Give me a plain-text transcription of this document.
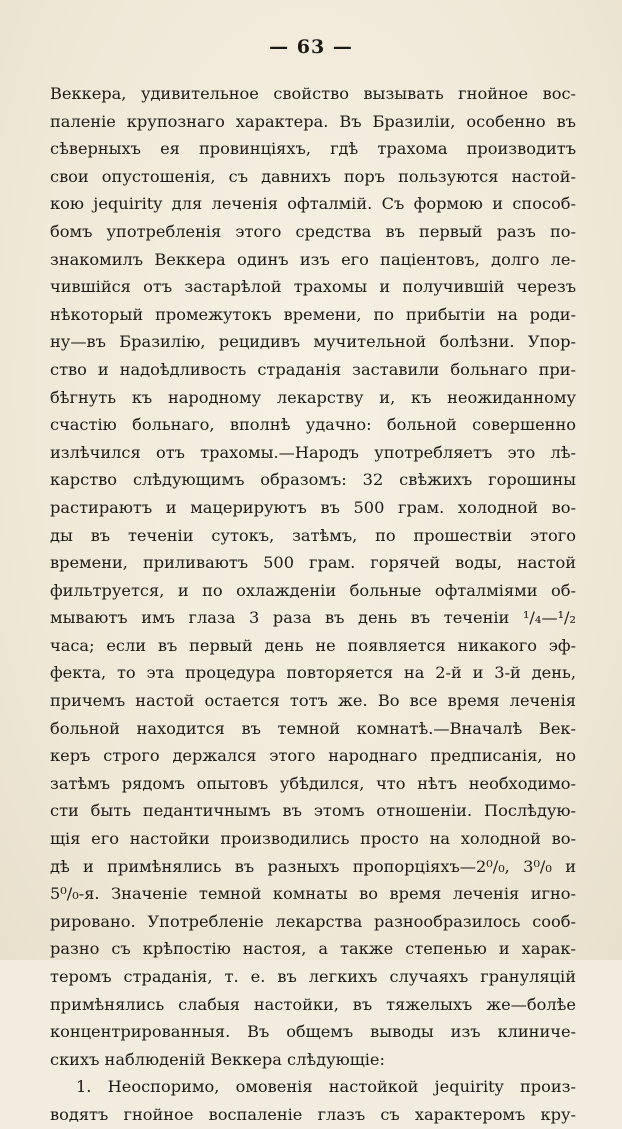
— 63 —
Веккера, удивительное свойство вызывать гнойное вос-
паленіе крупознаго характера. Въ Бразиліи, особенно въ
сѣверныхъ ея провинціяхъ, гдѣ трахома производитъ
свои опустошенія, съ давнихъ поръ пользуются настой-
кою jequirity для леченія офталмій. Съ формою и способ-
бомъ употребленія этого средства въ первый разъ по-
знакомилъ Веккера одинъ изъ его паціентовъ, долго ле-
чившійся отъ застарѣлой трахомы и получившій черезъ
нѣкоторый промежутокъ времени, по прибытіи на роди-
ну—въ Бразилію, рецидивъ мучительной болѣзни. Упор-
ство и надоѣдливость страданія заставили больнаго при-
бѣгнуть къ народному лекарству и, къ неожиданному
счастію больнаго, вполнѣ удачно: больной совершенно
излѣчился отъ трахомы.—Народъ употребляетъ это лѣ-
карство слѣдующимъ образомъ: 32 свѣжихъ горошины
растираютъ и мацерируютъ въ 500 грам. холодной во-
ды въ теченіи сутокъ, затѣмъ, по прошествіи этого
времени, приливаютъ 500 грам. горячей воды, настой
фильтруется, и по охлажденіи больные офталміями об-
мываютъ имъ глаза 3 раза въ день въ теченіи ¹/₄—¹/₂
часа; если въ первый день не появляется никакого эф-
фекта, то эта процедура повторяется на 2-й и 3-й день,
причемъ настой остается тотъ же. Во все время леченія
больной находится въ темной комнатѣ.—Вначалѣ Век-
керъ строго держался этого народнаго предписанія, но
затѣмъ рядомъ опытовъ убѣдился, что нѣтъ необходимо-
сти быть педантичнымъ въ этомъ отношеніи. Послѣдую-
щія его настойки производились просто на холодной во-
дѣ и примѣнялись въ разныхъ пропорціяхъ—2⁰/₀, 3⁰/₀ и
5⁰/₀-я. Значеніе темной комнаты во время леченія игно-
рировано. Употребленіе лекарства разнообразилось сооб-
разно съ крѣпостію настоя, а также степенью и харак-
теромъ страданія, т. е. въ легкихъ случаяхъ грануляцій
примѣнялись слабыя настойки, въ тяжелыхъ же—болѣе
концентрированныя. Въ общемъ выводы изъ клиниче-
скихъ наблюденій Веккера слѣдующіе:
1. Неоспоримо, омовенія настойкой jequirity произ-
водятъ гнойное воспаленіе глазъ съ характеромъ кру-
